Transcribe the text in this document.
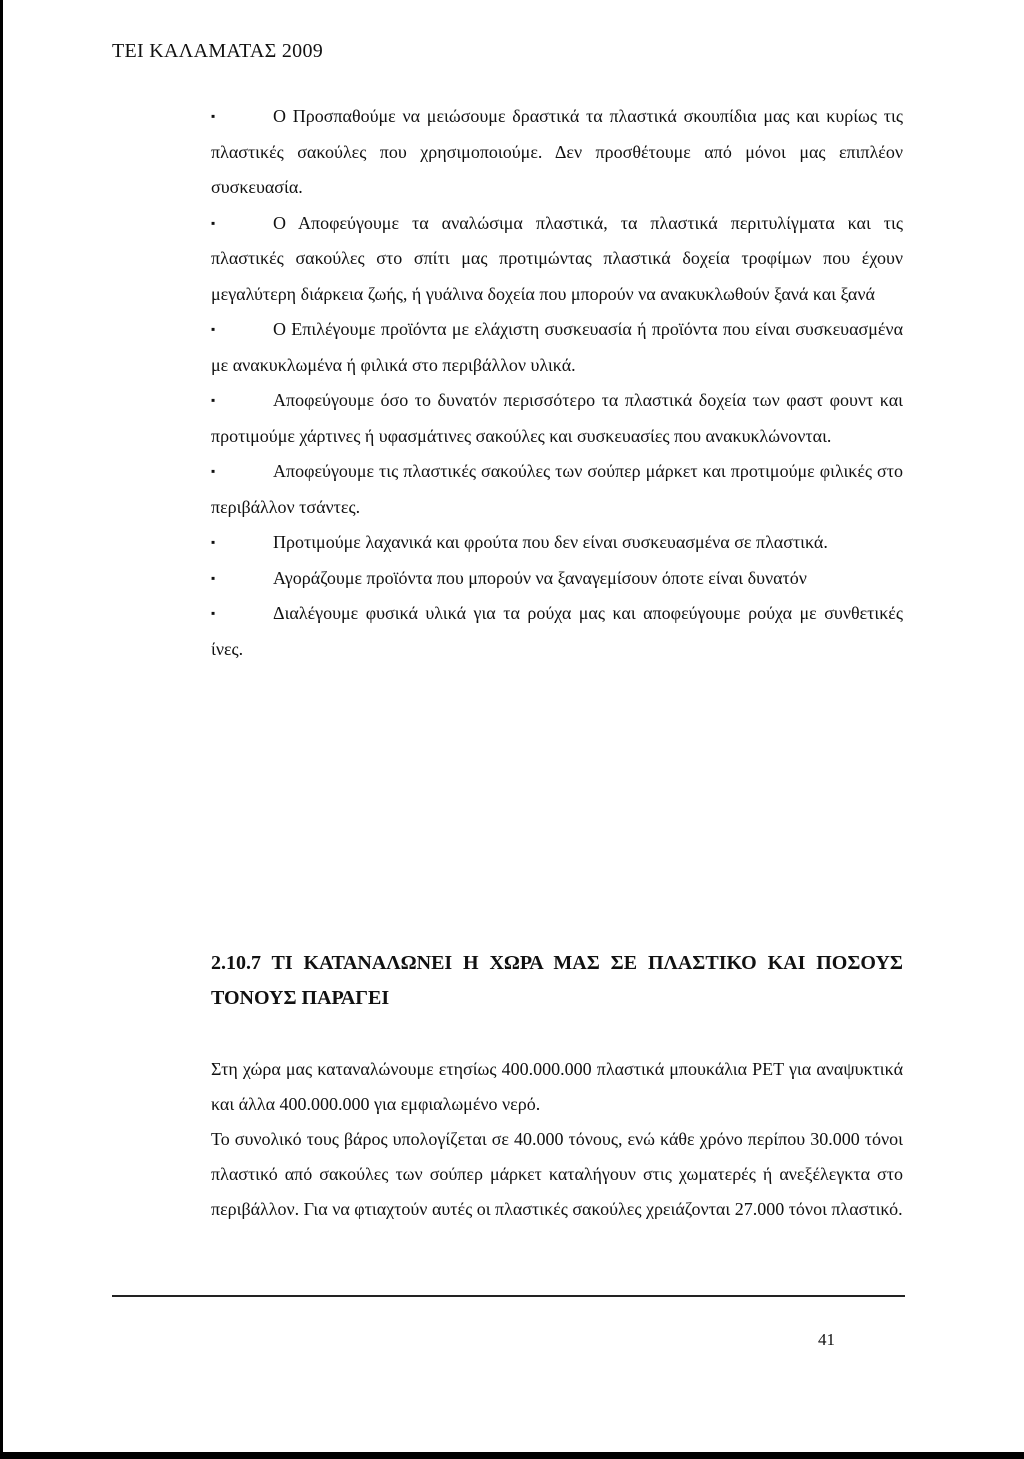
ΤΕΙ ΚΑΛΑΜΑΤΑΣ 2009

▪	Ο Προσπαθούμε να μειώσουμε δραστικά τα πλαστικά σκουπίδια μας και κυρίως τις πλαστικές σακούλες που χρησιμοποιούμε. Δεν προσθέτουμε από μόνοι μας επιπλέον συσκευασία.

▪	Ο Αποφεύγουμε τα αναλώσιμα πλαστικά, τα πλαστικά περιτυλίγματα και τις πλαστικές σακούλες στο σπίτι μας προτιμώντας πλαστικά δοχεία τροφίμων που έχουν μεγαλύτερη διάρκεια ζωής, ή γυάλινα δοχεία που μπορούν να ανακυκλωθούν ξανά και ξανά

▪	Ο Επιλέγουμε προϊόντα με ελάχιστη συσκευασία ή προϊόντα που είναι συσκευασμένα με ανακυκλωμένα ή φιλικά στο περιβάλλον υλικά.

▪	Αποφεύγουμε όσο το δυνατόν περισσότερο τα πλαστικά δοχεία των φαστ φουντ και προτιμούμε χάρτινες ή υφασμάτινες σακούλες και συσκευασίες που ανακυκλώνονται.

▪	Αποφεύγουμε τις πλαστικές σακούλες των σούπερ μάρκετ και προτιμούμε φιλικές στο περιβάλλον τσάντες.

▪	Προτιμούμε λαχανικά και φρούτα που δεν είναι συσκευασμένα σε πλαστικά.

▪	Αγοράζουμε προϊόντα που μπορούν να ξαναγεμίσουν όποτε είναι δυνατόν

▪	Διαλέγουμε φυσικά υλικά για τα ρούχα μας και αποφεύγουμε ρούχα με συνθετικές ίνες.

2.10.7 ΤΙ ΚΑΤΑΝΑΛΩΝΕΙ Η ΧΩΡΑ ΜΑΣ ΣΕ ΠΛΑΣΤΙΚΟ ΚΑΙ ΠΟΣΟΥΣ ΤΟΝΟΥΣ ΠΑΡΑΓΕΙ

Στη χώρα μας καταναλώνουμε ετησίως 400.000.000 πλαστικά μπουκάλια PET για αναψυκτικά και άλλα 400.000.000 για εμφιαλωμένο νερό.

Το συνολικό τους βάρος υπολογίζεται σε 40.000 τόνους, ενώ κάθε χρόνο περίπου 30.000 τόνοι πλαστικό από σακούλες των σούπερ μάρκετ καταλήγουν στις χωματερές ή ανεξέλεγκτα στο περιβάλλον. Για να φτιαχτούν αυτές οι πλαστικές σακούλες χρειάζονται 27.000 τόνοι πλαστικό.

41
